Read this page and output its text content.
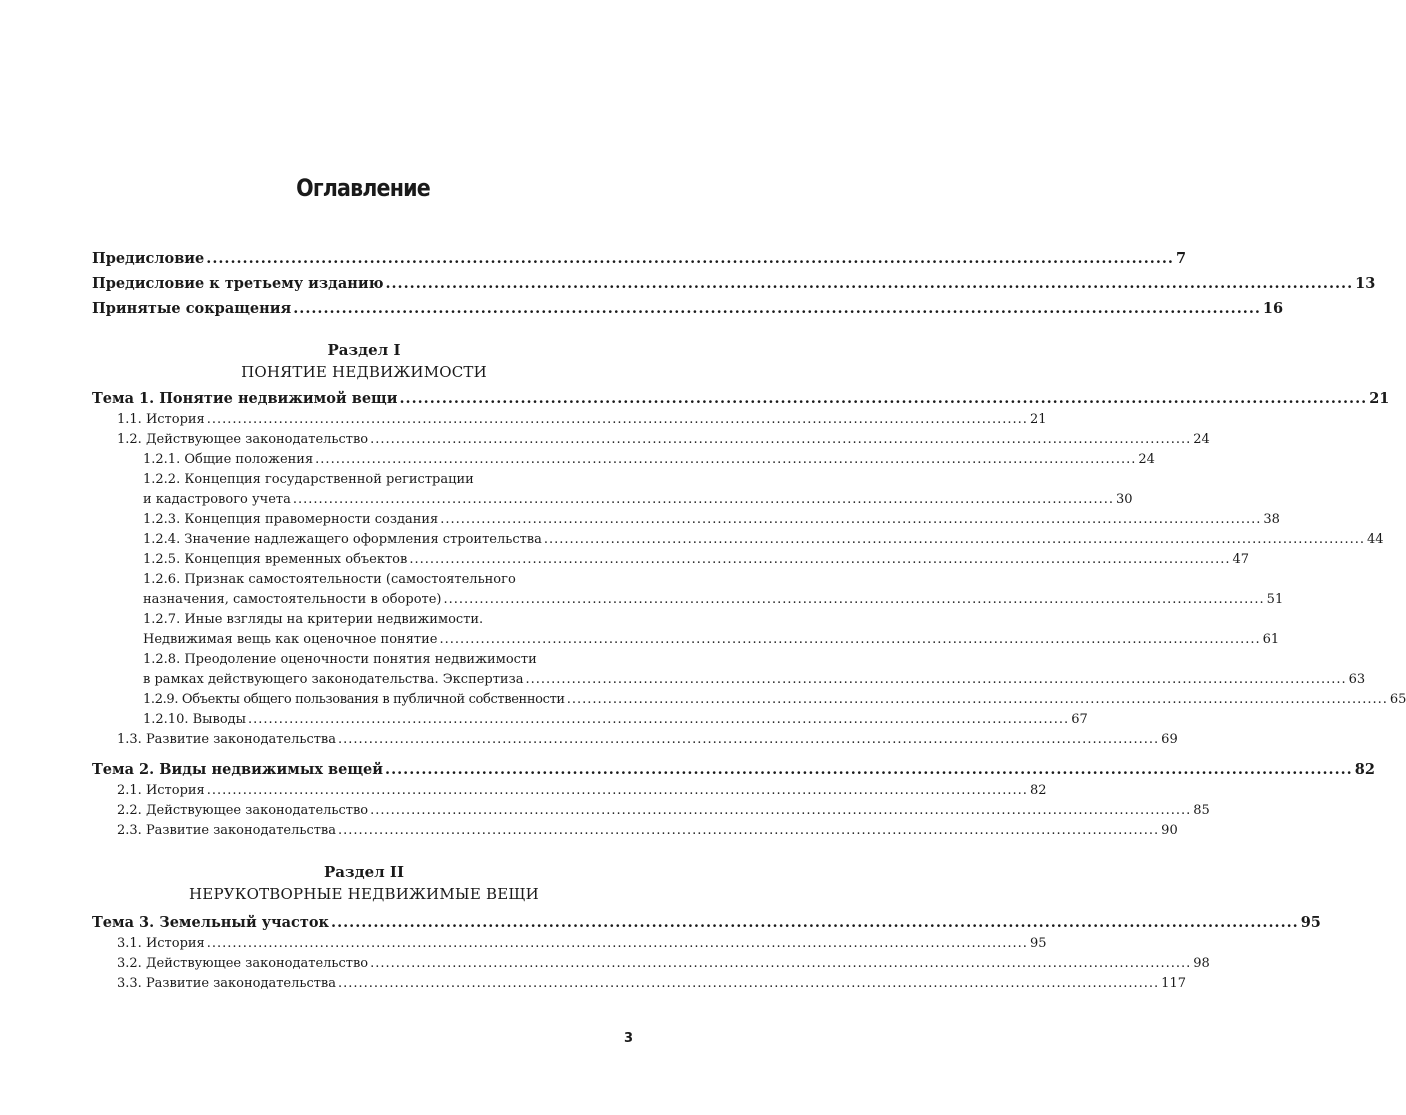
Оглавление
Предисловие .....	7
Предисловие к третьему изданию .....	13
Принятые сокращения .....	16

Раздел I

ПОНЯТИЕ НЕДВИЖИМОСТИ

Тема 1. Понятие недвижимой вещи .....	21
1.1. История .....	21
1.2. Действующее законодательство .....	24
1.2.1. Общие положения .....	24
1.2.2. Концепция государственной регистрации
и кадастрового учета .....	30
1.2.3. Концепция правомерности создания .....	38
1.2.4. Значение надлежащего оформления строительства .....	44
1.2.5. Концепция временных объектов .....	47
1.2.6. Признак самостоятельности (самостоятельного
назначения, самостоятельности в обороте) .....	51
1.2.7. Иные взгляды на критерии недвижимости.
Недвижимая вещь как оценочное понятие .....	61
1.2.8. Преодоление оценочности понятия недвижимости
в рамках действующего законодательства. Экспертиза .....	63
1.2.9. Объекты общего пользования в публичной собственности .....	65
1.2.10. Выводы .....	67
1.3. Развитие законодательства .....	69
Тема 2. Виды недвижимых вещей .....	82
2.1. История .....	82
2.2. Действующее законодательство .....	85
2.3. Развитие законодательства .....	90

Раздел II

НЕРУКОТВОРНЫЕ НЕДВИЖИМЫЕ ВЕЩИ

Тема 3. Земельный участок .....	95
3.1. История .....	95
3.2. Действующее законодательство .....	98
3.3. Развитие законодательства .....	117
3
